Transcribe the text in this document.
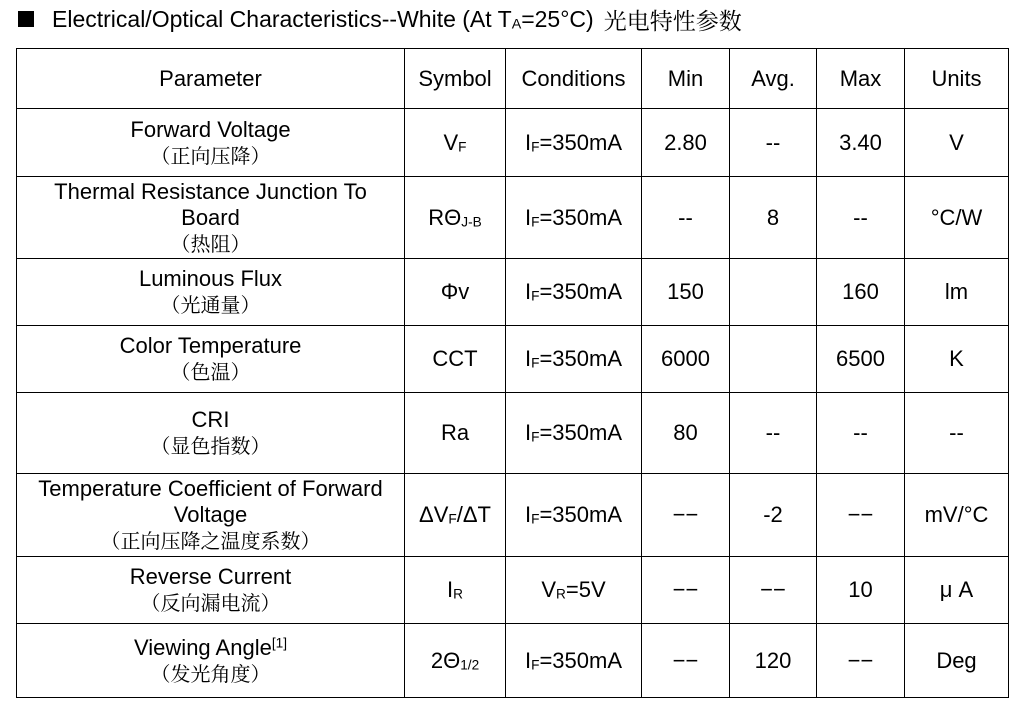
Electrical/Optical Characteristics--White (At $T_A=25^\circ C$) 光电特性参数
Parameter	Symbol	Conditions	Min	Avg.	Max	Units

Forward Voltage
（正向压降）	$V_F$	$I_F=350mA$	2.80	--	3.40	V

Thermal Resistance Junction To
Board
（热阻）	$R\Theta_{J-B}$	$I_F=350mA$	--	8	--	°C/W

Luminous Flux
（光通量）	Φv	$I_F=350mA$	150		160	lm

Color Temperature
（色温）	CCT	$I_F=350mA$	6000		6500	K

CRI
（显色指数）	Ra	$I_F=350mA$	80	--	--	--

Temperature Coefficient of Forward
Voltage
（正向压降之温度系数）	$\Delta V_F/\Delta T$	$I_F=350mA$	−−	-2	−−	mV/°C

Reverse Current
（反向漏电流）	$I_R$	$V_R=5V$	−−	−−	10	μ A

Viewing Angle[1]
（发光角度）	$2\Theta_{1/2}$	$I_F=350mA$	−−	120	−−	Deg
